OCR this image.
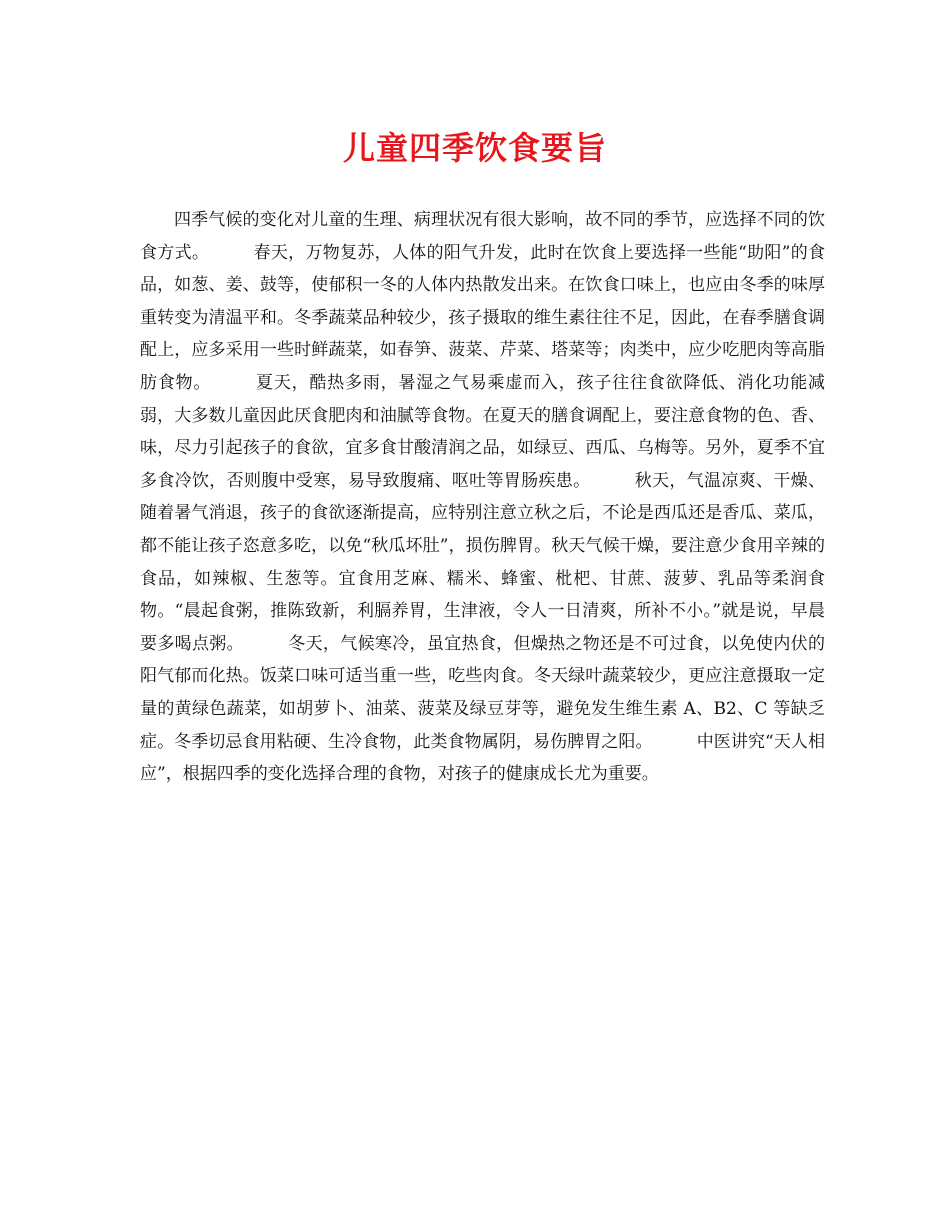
儿童四季饮食要旨

四季气候的变化对儿童的生理、病理状况有很大影响，故不同的季节，应选择不同的饮食方式。	春天，万物复苏，人体的阳气升发，此时在饮食上要选择一些能“助阳”的食品，如葱、姜、鼓等，使郁积一冬的人体内热散发出来。在饮食口味上，也应由冬季的味厚重转变为清温平和。冬季蔬菜品种较少，孩子摄取的维生素往往不足，因此，在春季膳食调配上，应多采用一些时鲜蔬菜，如春笋、菠菜、芹菜、塔菜等；肉类中，应少吃肥肉等高脂肪食物。	夏天，酷热多雨，暑湿之气易乘虚而入，孩子往往食欲降低、消化功能减弱，大多数儿童因此厌食肥肉和油腻等食物。在夏天的膳食调配上，要注意食物的色、香、味，尽力引起孩子的食欲，宜多食甘酸清润之品，如绿豆、西瓜、乌梅等。另外，夏季不宜多食冷饮，否则腹中受寒，易导致腹痛、呕吐等胃肠疾患。	秋天，气温凉爽、干燥、随着暑气消退，孩子的食欲逐渐提高，应特别注意立秋之后，不论是西瓜还是香瓜、菜瓜，都不能让孩子恣意多吃，以免“秋瓜坏肚”，损伤脾胃。秋天气候干燥，要注意少食用辛辣的食品，如辣椒、生葱等。宜食用芝麻、糯米、蜂蜜、枇杷、甘蔗、菠萝、乳品等柔润食物。“晨起食粥，推陈致新，利膈养胃，生津液，令人一日清爽，所补不小。”就是说，早晨要多喝点粥。	冬天，气候寒冷，虽宜热食，但燥热之物还是不可过食，以免使内伏的阳气郁而化热。饭菜口味可适当重一些，吃些肉食。冬天绿叶蔬菜较少，更应注意摄取一定量的黄绿色蔬菜，如胡萝卜、油菜、菠菜及绿豆芽等，避免发生维生素 A、B2、C 等缺乏症。冬季切忌食用粘硬、生冷食物，此类食物属阴，易伤脾胃之阳。	中医讲究“天人相应”，根据四季的变化选择合理的食物，对孩子的健康成长尤为重要。
